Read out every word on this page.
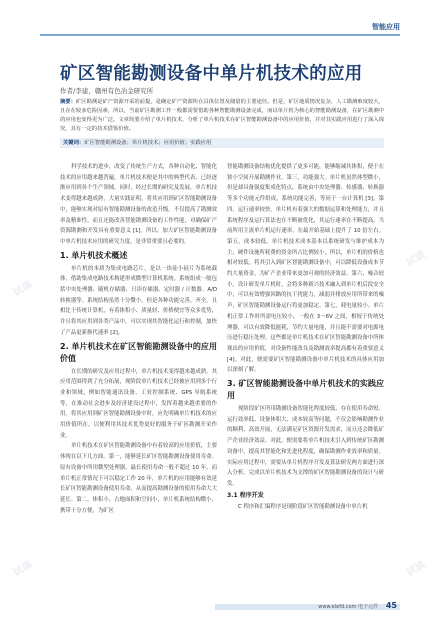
智能应用
矿区智能勘测设备中单片机技术的应用
作者/李建，赣州有色冶金研究所
摘要：矿区勘测是矿产资源开采的前提，是确定矿产资源所在具体位置及储量的主要途径。但是，矿区地质情况复杂，人工勘测难度较大，且存在较多危险因素，所以，当前矿区勘测工作一般都需要借助各种智能勘测设备完成，而以单片机为核心的智能勘测设备，在矿区勘测中的应用也变得更为广泛。文章简要介绍了单片机技术，分析了单片机技术在矿区智能勘测设备中的应用价值，并对其实践应用进行了深入探究，具有一定的技术借鉴价值。
关键词：矿区智能勘测设备；单片机技术；应用价值；实践应用

科学技术的进步，改变了传统生产方式，各种自动化、智能化技术的应用越来越普遍，单片机技术便是其中的典型代表，已经逐渐应用到各个生产领域，同时，经过长期的研究及发展，单片机技术变得越来越成熟，大量实践证明，将其应用到矿区智能勘测设备中，能够实现对原有智能勘测设备的改造升级，不仅提高了勘测效率及精准性，而且还能改善智能勘测设备的工作性能，对确保矿产资源勘测和开发具有重要意义 [1]。所以，加大矿区智能勘测设备中单片机技术应用的研究力度，是非常重要且必要的。

1. 单片机技术概述

单片机的本质为集成电路芯片，是以一块硅小硅片为系统载体，借助集成电路技术构建形成微型计算机系统。系统组成一般包括中央处理器、随机存储器、只读存储器、定时器 / 计数器、A/D 转换器等。系统结构虽然十分微小，但是各种功能完善，齐全，且相比于传统计算机，有着体积小、质量轻、价格便宜等众多优势，并且将其应用到各类产品中，可以实现其智能化运行和控制，加快了产品更新换代速率 [2]。

2. 单片机技术在矿区智能勘测设备中的应用价值

在长期的研究及应用过程中，单片机技术变得越来越成熟，其应用范围得到了充分拓展，现阶段单片机技术已经被应用到多个行业和领域，例如智能通讯设备、工业控制系统、GPS 导航系统等，在推动社会进步及经济建设过程中，发挥着越来越重要的作用。将其应用到矿区智能勘测设备中时，应先明确单片机技术的应用价值所在，以便利用其技术优势更好的服务于矿区勘测开采作业。

单片机技术在矿区智能勘测设备中有着较高的应用价值，主要体现在以下几方面。第一，能够延长矿区智能勘测设备使用寿命。原有设备中所用微型处理器，最长使用寿命一般不超过 10 年，而单片机正常情况下可以稳定工作 20 年，单片机的应用能够有效延长矿区智能勘测设备使用寿命，从而提高勘测设备的使用寿命大大延长。第二，体积小。占地面积和空间小，单片机系统结构微小，携带十分方便，为矿区

智能勘测设备结构优化提供了更多可能，能够缩减其体积，便于在狭小空间开展勘测作业。第三，功能强大。单片机虽然体型微小，但是却具备强度集成化特点，系统由中央处理器、传感器、转换器等多个功能元件组成，系统功能完善，等同于一台计算机 [3]。第四，运行速率较快。单片机有着强大的数据运算和处理能力，并且系统程序及运行算法也在不断被优化，其运行速率在不断提高，当前所用主流单片机运行速率，在最开始基础上提升了 10 倍左右。第五，成本较低。单片机技术成本基本以系统研发与维护成本为主，硬件设施所耗费的资金所占比例较小，所以，单片机的价格也相对较低。将其引入到矿区智能勘测设备中，可以降低设备成本节约大量资金，为矿产企业带来更加可观的经济效益。第六，噪音较小，设计研发单片机时，会将多种新兴技术融入到单片机后段安全中，可以有效增强回路的抗干扰能力，减弱并排放应用所带来的噪声，矿区智能勘测设备运行将更加稳定。第七，耗电量较小。单片机正常工作时所需电压较小，一般在 3～6V 之间，相较于传统处理器，可以有效降低能耗，节约大量电能，并且能不需要对电源电压进行稳压处理。这些都是单片机技术在矿区智能勘测设备中所体现出的应用价值，对设备性能改良及勘测效率提高都有着重要意义 [4]。对此，便需要矿区智能勘测设备中单片机技术的具体应用加以深刻了解。

3. 矿区智能勘测设备中单片机技术的实践应用

现阶段矿区所用勘测设备智能化程度较低，存在使用寿命短、运行效率低、设备体积大、成本较高等问题，不仅会影响勘测作业的顺利、高效开展，无法满足矿区资源开发需求，而且还会降低矿产企业经济效益。对此，便需要将单片机技术引入到传统矿区勘测设备中，提高其智能化和先进化程度，确保勘测作业效率和质量。实际应用过程中，需要从单片机程序开发及算法研究两方面进行深入分析，完成以单片机技术为支撑的矿区智能勘测设备的设计与研发。

3.1 程序开发

C 程序和汇编程序是现阶段矿区智能勘测设备中单片机

www.elefd.com 电子元件 45
试读
试读
试读
试读
